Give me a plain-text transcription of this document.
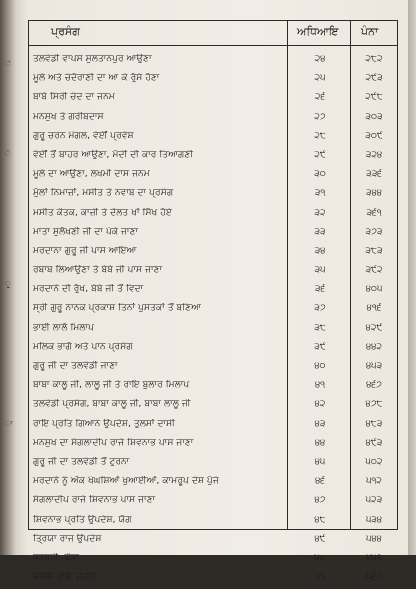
ੱ
ੇ
ੂ
ਾ
ਪ੍ਰਸੰਗ	ਅਧਿਆਇ ਪੰਨਾ
ਤਲਵੰਡੀ ਵਾਪਸ ਸੁਲਤਾਨਪੁਰ ਆਉਣਾ	੨੪	੨੮੨
ਮੂਲੇ ਅਤੇ ਚੰਦੋਰਾਣੀ ਦਾ ਆ ਕੇ ਰੁੱਸੇ ਹੋਣਾ	੨੫	੨੯੩
ਬਾਬੇ ਸਿਰੀ ਚੰਦ ਦਾ ਜਨਮ	੨੬	੨੯੮
ਮਨਸੁਖ ਤੇ ਗਰੀਬਦਾਸ	੨੭	੩੦੩
ਗੁਰੂ ਚਰਨ ਮੰਗਲ, ਵੇਈਂ ਪ੍ਰਵੇਸ਼	੨੮	੩੦੯
ਵੇਈਂ ਤੋਂ ਬਾਹਰ ਆਉਣਾ, ਮੋਦੀ ਦੀ ਕਾਰ ਤਿਆਗਣੀ	੨੯	੩੨੪
ਮੂਲੇ ਦਾ ਆਉਣਾ, ਲਖਮੀ ਦਾਸ ਜਨਮ	੩੦	੩੩੬
ਮੁੱਲਾਂ ਨਿਮਾਜ਼ਾਂ, ਮਸੀਤ ਤੇ ਨਵਾਬ ਦਾ ਪ੍ਰਸੰਗ	੩੧	੩੪੪
ਮਸੀਤ ਕੌਤਕ, ਕਾਜ਼ੀ ਤੇ ਦੌਲਤ ਖਾਂ ਸਿੱਖ ਹੋਏ	੩੨	੩੬੧
ਮਾਤਾ ਸੁਲੱਖਣੀ ਜੀ ਦਾ ਪੇਕੇ ਜਾਣਾ	੩੩	੩੭੩
ਮਰਦਾਨਾ ਗੁਰੂ ਜੀ ਪਾਸ ਆਇਆ	੩੪	੩੮੩
ਰਬਾਬ ਲਿਆਉਣਾ ਤੇ ਬੇਬੇ ਜੀ ਪਾਸ ਜਾਣਾ	੩੫	੩੯੨
ਮਰਦਾਨੇ ਦੀ ਰੁੱਖ, ਬੇਬੇ ਜੀ ਤੋਂ ਵਿਦਾ	੩੬	੪੦੫
ਸ੍ਰੀ ਗੁਰੂ ਨਾਨਕ ਪ੍ਰਕਾਸ਼ ਤਿਨਾਂ ਪੁਸਤਕਾਂ ਤੋਂ ਬਣਿਆ	੩੭	੪੧੬
ਭਾਈ ਲਾਲੋ ਮਿਲਾਪ	੩੮	੪੨੯
ਮਲਿਕ ਭਾਗੋ ਅਤੇ ਪਾਨ ਪ੍ਰਸੰਗ	੩੯	੪੪੨
ਗੁਰੂ ਜੀ ਦਾ ਤਲਵੰਡੀ ਜਾਣਾ	੪੦	੪੫੩
ਬਾਬਾ ਕਾਲੂ ਜੀ, ਲਾਲੂ ਜੀ ਤੇ ਰਾਇ ਬੁਲਾਰ ਮਿਲਾਪ	੪੧	੪੬੭
ਤਲਵੰਡੀ ਪ੍ਰਸੰਗ, ਬਾਬਾ ਕਾਲੂ ਜੀ, ਬਾਬਾ ਲਾਲੂ ਜੀ	੪੨	੪੭੮
ਰਾਇ ਪ੍ਰਤਿ ਗਿਆਨ ਉਪਦੇਸ਼, ਤੁਲਸਾਂ ਦਾਸੀ	੪੩	੪੮੩
ਮਨਸੁਖ ਦਾ ਸੰਗਲਾਦੀਪ ਰਾਜੇ ਸ਼ਿਵਨਾਭ ਪਾਸ ਜਾਣਾ	੪੪	੪੯੩
ਗੁਰੂ ਜੀ ਦਾ ਤਲਵੰਡੀ ਤੋਂ ਟੁਰਨਾ	੪੫	੫੦੨
ਮਰਦਾਨੇ ਨੂੰ ਅੱਕ ਖੰਘਸ਼ਿਆਂ ਖੁਆਈਆਂ, ਕਾਮਰੂਪ ਦੇਸ਼ ਪੁੱਜੇ	੪੬	੫੧੨
ਸੰਗਲਾਦੀਪ ਰਾਜੇ ਸ਼ਿਵਨਾਭ ਪਾਸ ਜਾਣਾ	੪੭	੫੨੩
ਸ਼ਿਵਨਾਭ ਪ੍ਰਤਿ ਉਪਦੇਸ਼, ਯੋਗ	੪੮	੫੩੪
ਤ੍ਰਿਯਾ ਰਾਜ ਉਪਦੇਸ਼	੪੯	੫੪੪
ਭਰਥਰੀ, ਕੌਡਾ	੫੦	੫੫੧
ਸਾਲਸ ਰਾਇ ਜੌਹਰੀ	੫੧	੫੬੭
